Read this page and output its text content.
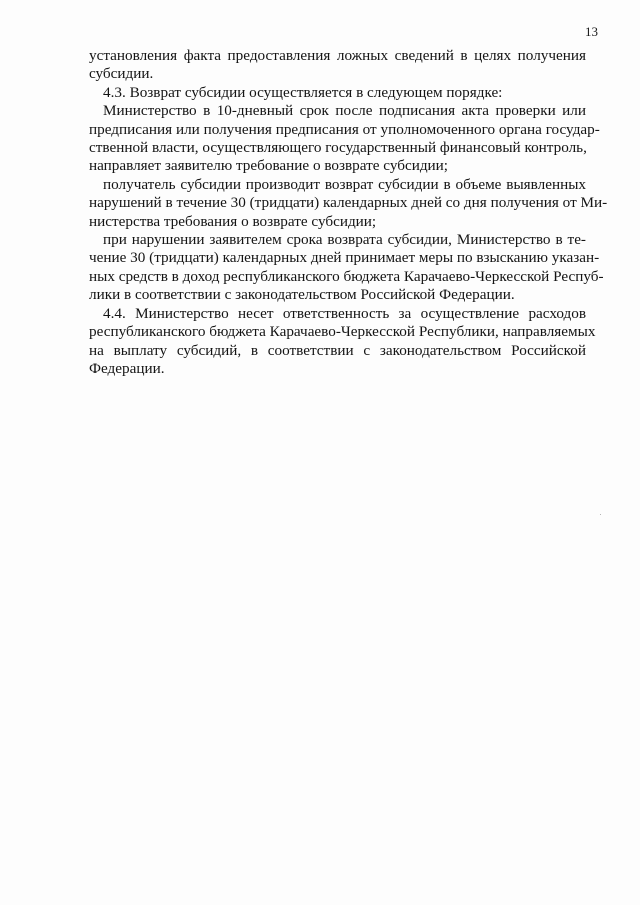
13
установления факта предоставления ложных сведений в целях получения
субсидии.
4.3. Возврат субсидии осуществляется в следующем порядке:
Министерство в 10-дневный срок после подписания акта проверки или
предписания или получения предписания от уполномоченного органа государ-
ственной власти, осуществляющего государственный финансовый контроль,
направляет заявителю требование о возврате субсидии;
получатель субсидии производит возврат субсидии в объеме выявленных
нарушений в течение 30 (тридцати) календарных дней со дня получения от Ми-
нистерства требования о возврате субсидии;
при нарушении заявителем срока возврата субсидии, Министерство в те-
чение 30 (тридцати) календарных дней принимает меры по взысканию указан-
ных средств в доход республиканского бюджета Карачаево-Черкесской Респуб-
лики в соответствии с законодательством Российской Федерации.
4.4. Министерство несет ответственность за осуществление расходов
республиканского бюджета Карачаево-Черкесской Республики, направляемых
на выплату субсидий, в соответствии с законодательством Российской
Федерации.
